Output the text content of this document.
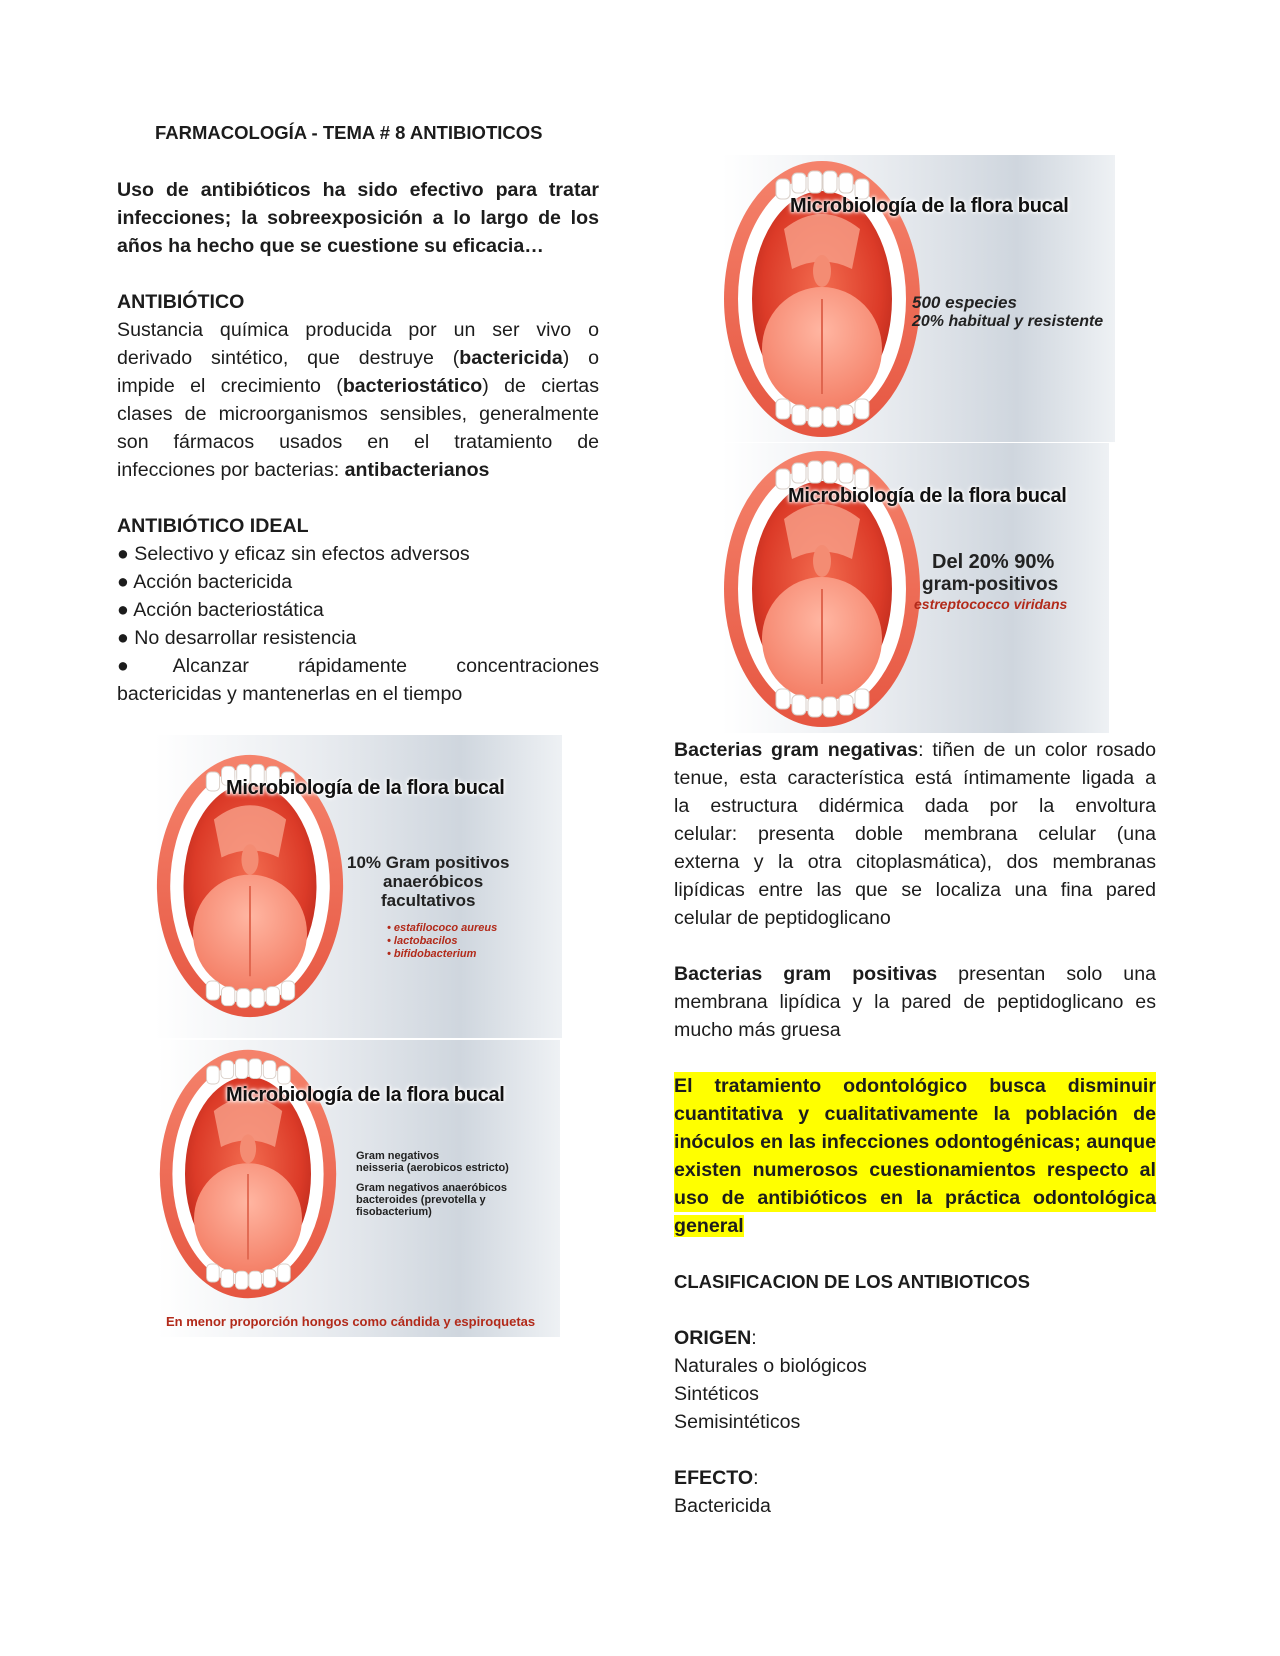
FARMACOLOGÍA - TEMA # 8 ANTIBIOTICOS
Uso de antibióticos ha sido efectivo para tratar
infecciones; la sobreexposición a lo largo de los
años ha hecho que se cuestione su eficacia…
ANTIBIÓTICO
Sustancia química producida por un ser vivo o
derivado sintético, que destruye (bactericida) o
impide el crecimiento (bacteriostático) de ciertas
clases de microorganismos sensibles, generalmente
son fármacos usados en el tratamiento de
infecciones por bacterias: antibacterianos
ANTIBIÓTICO IDEAL
● Selectivo y eficaz sin efectos adversos
● Acción bactericida
● Acción bacteriostática
● No desarrollar resistencia
●Alcanzar rápidamente concentraciones
bactericidas y mantenerlas en el tiempo
Microbiología de la flora bucal
500 especies
20% habitual y resistente
Microbiología de la flora bucal
Del 20% 90%
gram-positivos
estreptococco viridans
Microbiología de la flora bucal
10% Gram positivos
anaeróbicos
facultativos
• estafilococo aureus
• lactobacilos
• bifidobacterium
Microbiología de la flora bucal
Gram negativos
neisseria (aerobicos estricto)
Gram negativos anaeróbicos
bacteroides (prevotella y
fisobacterium)
En menor proporción hongos como cándida y espiroquetas
Bacterias gram negativas: tiñen de un color rosado
tenue, esta característica está íntimamente ligada a
la estructura didérmica dada por la envoltura
celular: presenta doble membrana celular (una
externa y la otra citoplasmática), dos membranas
lipídicas entre las que se localiza una fina pared
celular de peptidoglicano
Bacterias gram positivas presentan solo una
membrana lipídica y la pared de peptidoglicano es
mucho más gruesa
El tratamiento odontológico busca disminuir
cuantitativa y cualitativamente la población de
inóculos en las infecciones odontogénicas; aunque
existen numerosos cuestionamientos respecto al
uso de antibióticos en la práctica odontológica
general
CLASIFICACION DE LOS ANTIBIOTICOS
ORIGEN:
Naturales o biológicos
Sintéticos
Semisintéticos
EFECTO:
Bactericida
